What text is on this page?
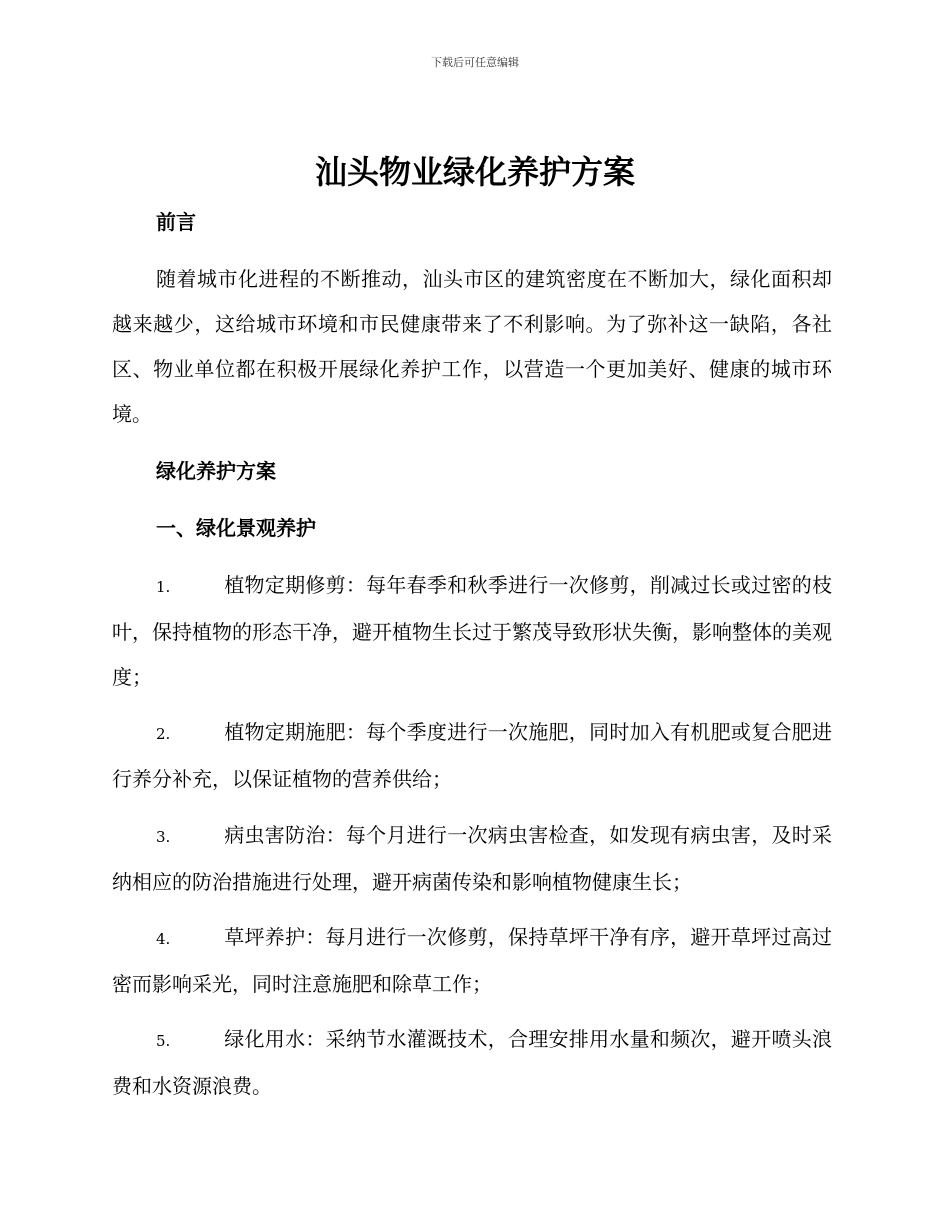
下载后可任意编辑
汕头物业绿化养护方案
前言

随着城市化进程的不断推动，汕头市区的建筑密度在不断加大，绿化面积却越来越少，这给城市环境和市民健康带来了不利影响。为了弥补这一缺陷，各社区、物业单位都在积极开展绿化养护工作，以营造一个更加美好、健康的城市环境。

绿化养护方案
一、绿化景观养护

1.	植物定期修剪：每年春季和秋季进行一次修剪，削减过长或过密的枝叶，保持植物的形态干净，避开植物生长过于繁茂导致形状失衡，影响整体的美观度；

2.	植物定期施肥：每个季度进行一次施肥，同时加入有机肥或复合肥进行养分补充，以保证植物的营养供给；

3.	病虫害防治：每个月进行一次病虫害检查，如发现有病虫害，及时采纳相应的防治措施进行处理，避开病菌传染和影响植物健康生长；

4.	草坪养护：每月进行一次修剪，保持草坪干净有序，避开草坪过高过密而影响采光，同时注意施肥和除草工作；

5.	绿化用水：采纳节水灌溉技术，合理安排用水量和频次，避开喷头浪费和水资源浪费。
